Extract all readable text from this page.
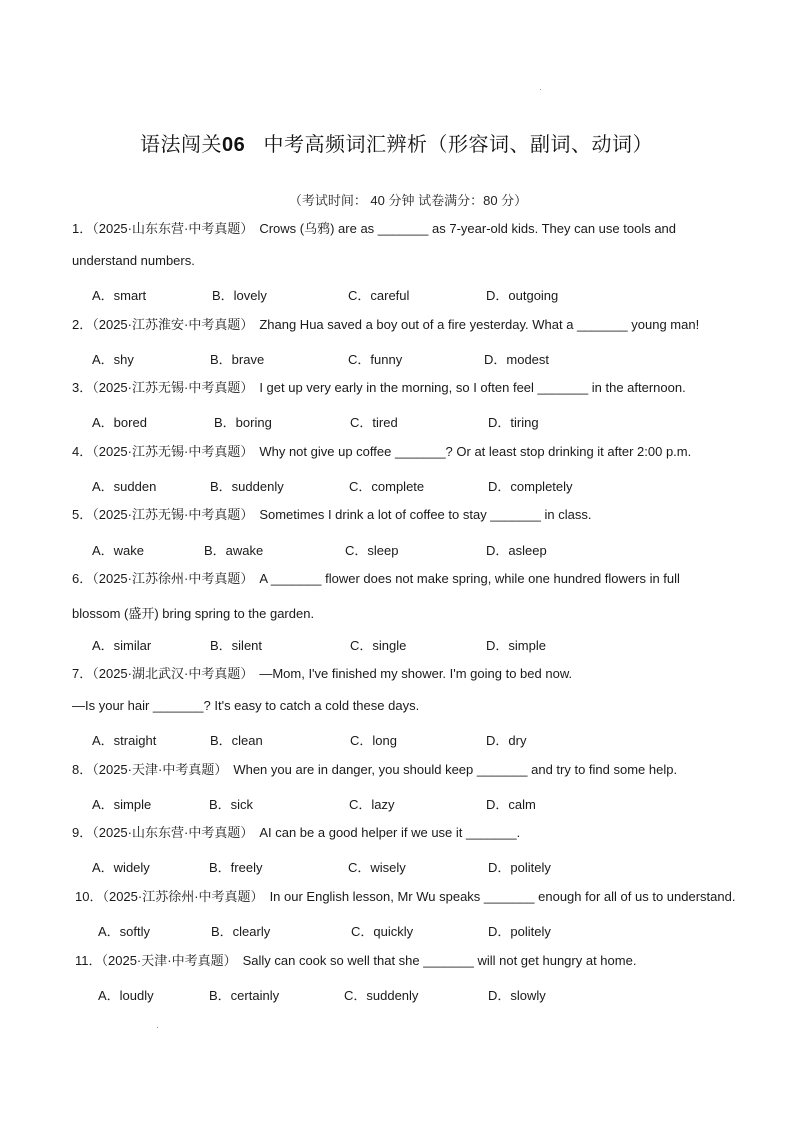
语法闯关06 中考高频词汇辨析（形容词、副词、动词）
（考试时间： 40 分钟 试卷满分：80 分）
1．（2025·山东东营·中考真题） Crows (乌鸦) are as _______ as 7-year-old kids. They can use tools and
understand numbers.
A．smart	B．lovely	C．careful	D．outgoing
2．（2025·江苏淮安·中考真题） Zhang Hua saved a boy out of a fire yesterday. What a _______ young man!
A．shy	B．brave	C．funny	D．modest
3．（2025·江苏无锡·中考真题） I get up very early in the morning, so I often feel _______ in the afternoon.
A．bored	B．boring	C．tired	D．tiring
4．（2025·江苏无锡·中考真题） Why not give up coffee _______? Or at least stop drinking it after 2:00 p.m.
A．sudden	B．suddenly	C．complete	D．completely
5．（2025·江苏无锡·中考真题） Sometimes I drink a lot of coffee to stay _______ in class.
A．wake	B．awake	C．sleep	D．asleep
6．（2025·江苏徐州·中考真题） A _______ flower does not make spring, while one hundred flowers in full
blossom (盛开) bring spring to the garden.
A．similar	B．silent	C．single	D．simple
7．（2025·湖北武汉·中考真题） —Mom, I've finished my shower. I'm going to bed now.
—Is your hair _______? It's easy to catch a cold these days.
A．straight	B．clean	C．long	D．dry
8．（2025·天津·中考真题） When you are in danger, you should keep _______ and try to find some help.
A．simple	B．sick	C．lazy	D．calm
9．（2025·山东东营·中考真题） AI can be a good helper if we use it _______.
A．widely	B．freely	C．wisely	D．politely
10．（2025·江苏徐州·中考真题） In our English lesson, Mr Wu speaks _______ enough for all of us to understand.
A．softly	B．clearly	C．quickly	D．politely
11．（2025·天津·中考真题） Sally can cook so well that she _______ will not get hungry at home.
A．loudly	B．certainly	C．suddenly	D．slowly
